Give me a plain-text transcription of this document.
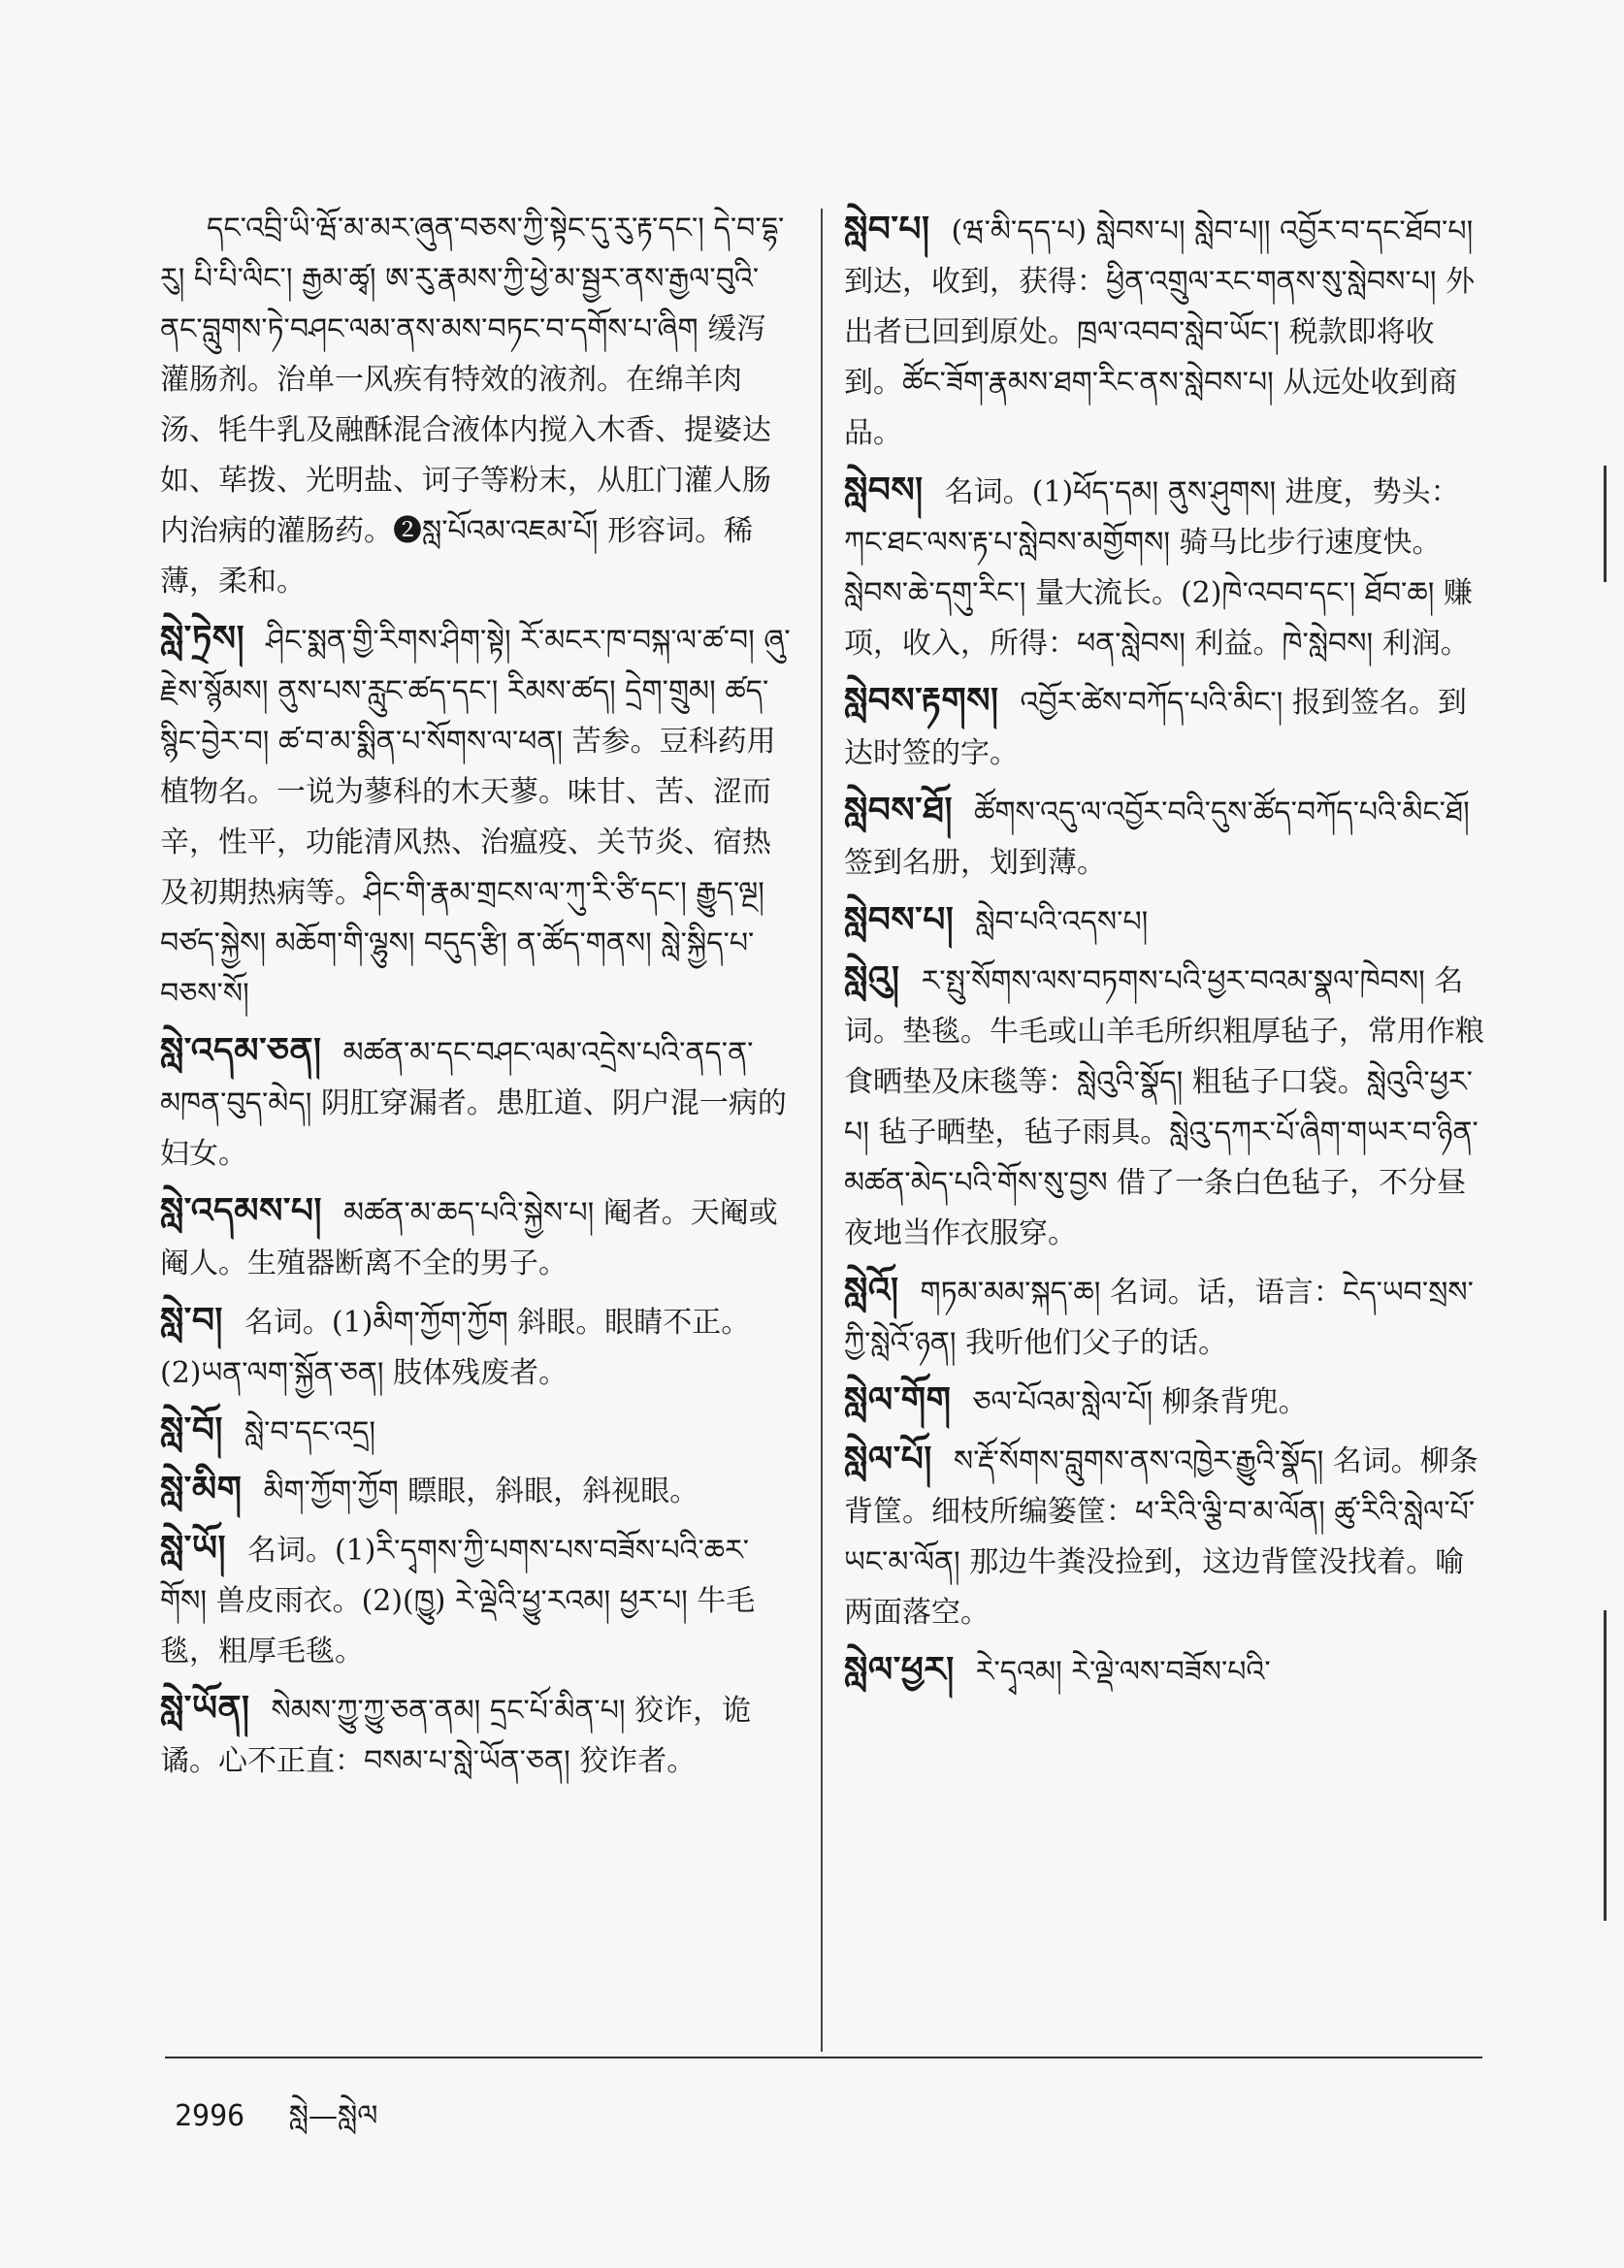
དང་འབྲི་ཡི་ཝོ་མ་མར་ཞུན་བཅས་ཀྱི་སྟེང་དུ་རུ་རྟ་དང་། དེ་བ་དྷ་རུ། པི་པི་ལིང་། རྒྱམ་ཚྭ། ཨ་རུ་རྣམས་ཀྱི་ཕྱེ་མ་སྦྱར་ནས་རྒྱལ་བུའི་ནང་བླུགས་ཏེ་བཤང་ལམ་ནས་མས་བཏང་བ་དགོས་པ་ཞིག 缓泻灌肠剂。治单一风疾有特效的液剂。在绵羊肉汤、牦牛乳及融酥混合液体内搅入木香、提婆达如、荜拨、光明盐、诃子等粉末，从肛门灌人肠内治病的灌肠药。❷སླ་པོའམ་འཇམ་པོ། 形容词。稀薄，柔和。
སླེ་ཏྲེས། ཤིང་སྨན་གྱི་རིགས་ཤིག་སྟེ། རོ་མངར་ཁ་བསྐ་ལ་ཚ་བ། ཞུ་རྗེས་སྙོམས། ནུས་པས་རླུང་ཚད་དང་། རིམས་ཚད། དྲེག་གྲུམ། ཚད་སྙིང་བྱེར་བ། ཚ་བ་མ་སྨིན་པ་སོགས་ལ་ཕན། 苦参。豆科药用植物名。一说为蓼科的木天蓼。味甘、苦、涩而辛，性平，功能清风热、治瘟疫、关节炎、宿热及初期热病等。ཤིང་གི་རྣམ་གྲངས་ལ་ཀུ་རི་ཙི་དང་། རྒྱུད་ལྔ། བཙད་སྐྱེས། མཆོག་གི་ལྷུས། བདུད་རྩི། ན་ཚོད་གནས། སླེ་སྐྱིད་པ་བཅས་སོ།
སླེ་འདམ་ཅན། མཚན་མ་དང་བཤང་ལམ་འདྲེས་པའི་ནད་ན་མཁན་བུད་མེད། 阴肛穿漏者。患肛道、阴户混一病的妇女。
སླེ་འདམས་པ། མཚན་མ་ཆད་པའི་སྐྱེས་པ། 阉者。天阉或阉人。生殖器断离不全的男子。
སླེ་བ། 名词。(1)མིག་ཀྱོག་ཀྱོག 斜眼。眼睛不正。(2)ཡན་ལག་སྐྱོན་ཅན། 肢体残废者。
སླེ་བོ། སླེ་བ་དང་འདྲ།
སླེ་མིག མིག་ཀྱོག་ཀྱོག 瞟眼，斜眼，斜视眼。
སླེ་ཡོ། 名词。(1)རི་དྭགས་ཀྱི་པགས་པས་བཟོས་པའི་ཆར་གོས། 兽皮雨衣。(2)(ཁྱུ) རེ་ལྡེའི་ཕྱུ་རའམ། ཕྱར་པ། 牛毛毯，粗厚毛毯。
སླེ་ཡོན། སེམས་ཀྱུ་ཀྱུ་ཅན་ནམ། དྲང་པོ་མིན་པ། 狡诈，诡谲。心不正直：བསམ་པ་སླེ་ཡོན་ཅན། 狡诈者。
སླེབ་པ། (ཝ་མི་དད་པ) སླེབས་པ། སླེབ་པ།། འབྱོར་བ་དང་ཐོབ་པ། 到达，收到，获得：ཕྱིན་འགྲུལ་རང་གནས་སུ་སླེབས་པ། 外出者已回到原处。ཁྲལ་འབབ་སླེབ་ཡོང་། 税款即将收到。ཚོང་ཟོག་རྣམས་ཐག་རིང་ནས་སླེབས་པ། 从远处收到商品。
སླེབས། 名词。(1)ཕོད་དམ། ནུས་ཤུགས། 进度，势头：ཀང་ཐང་ལས་རྟ་པ་སླེབས་མགྱོགས། 骑马比步行速度快。སླེབས་ཆེ་དགུ་རིང་། 量大流长。(2)ཁེ་འབབ་དང་། ཐོབ་ཆ། 赚项，收入，所得：ཕན་སླེབས། 利益。ཁེ་སླེབས། 利润。
སླེབས་རྟགས། འབྱོར་ཚེས་བཀོད་པའི་མིང་། 报到签名。到达时签的字。
སླེབས་ཐོ། ཚོགས་འདུ་ལ་འབྱོར་བའི་དུས་ཚོད་བཀོད་པའི་མིང་ཐོ། 签到名册，划到薄。
སླེབས་པ། སླེབ་པའི་འདས་པ།
སླེའུ། ར་སྤུ་སོགས་ལས་བཏགས་པའི་ཕྱར་བའམ་སྣལ་ཁེབས། 名词。垫毯。牛毛或山羊毛所织粗厚毡子，常用作粮食晒垫及床毯等：སླེའུའི་སྣོད། 粗毡子口袋。སླེའུའི་ཕྱར་པ། 毡子晒垫，毡子雨具。སླེའུ་དཀར་པོ་ཞིག་གཡར་བ་ཉིན་མཚན་མེད་པའི་གོས་སུ་བྱས 借了一条白色毡子，不分昼夜地当作衣服穿。
སླེའོ། གཏམ་མམ་སྐད་ཆ། 名词。话，语言：ངེད་ཡབ་སྲས་ཀྱི་སླེའོ་ཉན། 我听他们父子的话。
སླེལ་གོག ཅལ་པོའམ་སླེལ་པོ། 柳条背兜。
སླེལ་པོ། ས་རྡོ་སོགས་བླུགས་ནས་འཁྱེར་རྒྱུའི་སྣོད། 名词。柳条背筐。细枝所编篓筐：ཕ་རིའི་ལྕི་བ་མ་ལོན། ཚུ་རིའི་སླེལ་པོ་ཡང་མ་ལོན། 那边牛粪没捡到，这边背筐没找着。喻两面落空。
སླེལ་ཕྱར། རེ་དྭའམ། རེ་ལྡེ་ལས་བཟོས་པའི་
2996 སླེ—སླེལ
